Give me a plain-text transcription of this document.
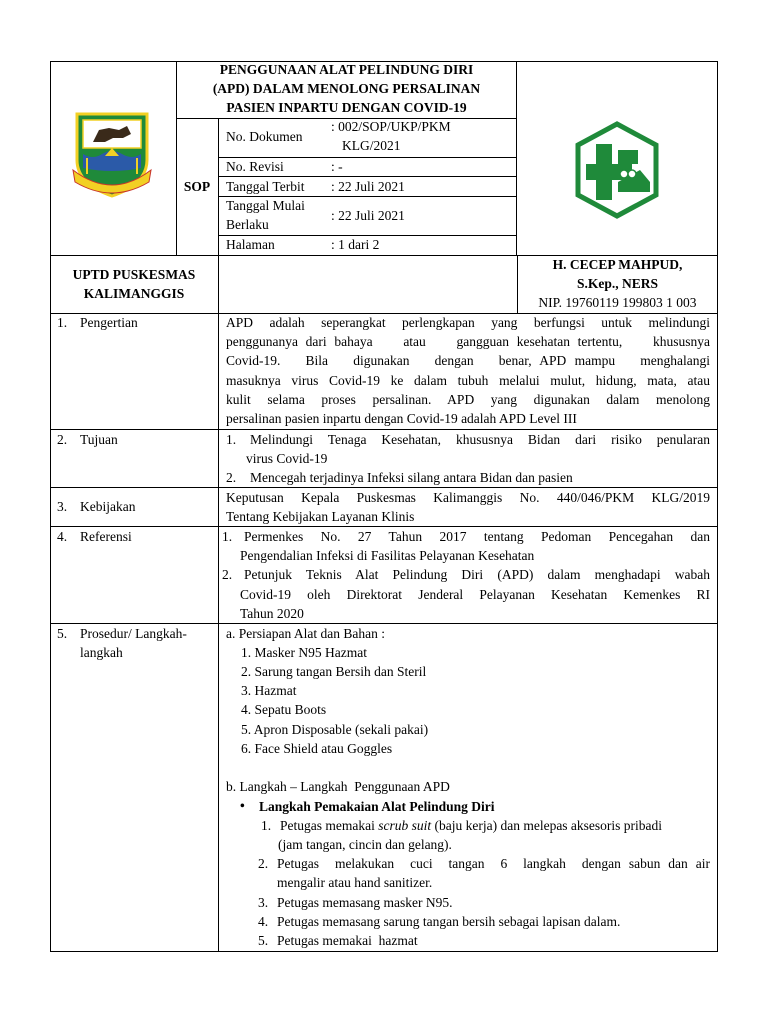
PENGGUNAAN ALAT PELINDUNG DIRI
(APD) DALAM MENOLONG PERSALINAN
PASIEN INPARTU DENGAN COVID-19
SOP
No. Dokumen
: 002/SOP/UKP/PKM
KLG/2021
No. Revisi	: -
Tanggal Terbit : 22 Juli 2021
Tanggal Mulai
Berlaku
: 22 Juli 2021
Halaman	: 1 dari 2
UPTD PUSKESMAS
KALIMANGGIS
H. CECEP MAHPUD,
S.Kep., NERS
NIP. 19760119 199803 1 003
1. Pengertian
2. Tujuan
3. Kebijakan
4. Referensi
5. Prosedur/ Langkah-
langkah
APD adalah seperangkat perlengkapan yang berfungsi untuk melindungi
penggunanya dari bahaya    atau    gangguan kesehatan tertentu,    khususnya
Covid-19.   Bila   digunakan   dengan   benar, APD mampu   menghalangi
masuknya virus Covid-19 ke dalam tubuh melalui mulut, hidung, mata, atau
kulit selama proses persalinan. APD yang digunakan dalam menolong
persalinan pasien inpartu dengan Covid-19 adalah APD Level III
1. Melindungi Tenaga Kesehatan, khususnya Bidan dari risiko penularan
virus Covid-19
2. Mencegah terjadinya Infeksi silang antara Bidan dan pasien
Keputusan Kepala Puskesmas Kalimanggis No. 440/046/PKM KLG/2019
Tentang Kebijakan Layanan Klinis
1. Permenkes No. 27 Tahun 2017 tentang Pedoman Pencegahan dan
Pengendalian Infeksi di Fasilitas Pelayanan Kesehatan
2. Petunjuk Teknis Alat Pelindung Diri (APD) dalam menghadapi wabah
Covid-19 oleh Direktorat Jenderal Pelayanan Kesehatan Kemenkes RI
Tahun 2020
a. Persiapan Alat dan Bahan :
1. Masker N95 Hazmat
2. Sarung tangan Bersih dan Steril
3. Hazmat
4. Sepatu Boots
5. Apron Disposable (sekali pakai)
6. Face Shield atau Goggles
b. Langkah – Langkah  Penggunaan APD
• Langkah Pemakaian Alat Pelindung Diri
1. Petugas memakai scrub suit (baju kerja) dan melepas aksesoris pribadi
(jam tangan, cincin dan gelang).
2. Petugas  melakukan  cuci  tangan  6  langkah  dengan sabun dan air
mengalir atau hand sanitizer.
3. Petugas memasang masker N95.
4. Petugas memasang sarung tangan bersih sebagai lapisan dalam.
5. Petugas memakai  hazmat
